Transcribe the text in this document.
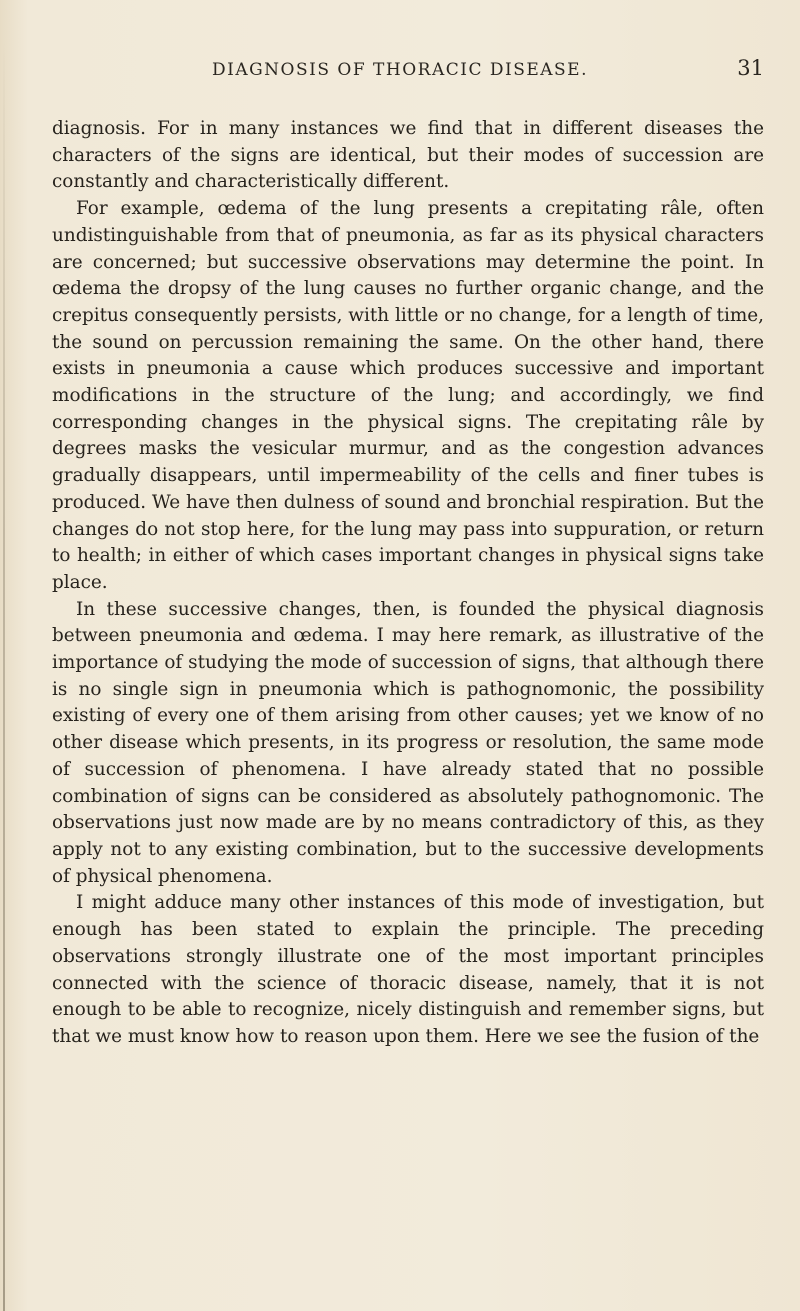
DIAGNOSIS OF THORACIC DISEASE.	31

diagnosis. For in many instances we find that in different diseases the characters of the signs are identical, but their modes of succession are constantly and characteristically different.

For example, œdema of the lung presents a crepitating râle, often undistinguishable from that of pneumonia, as far as its physical characters are concerned; but successive observations may determine the point. In œdema the dropsy of the lung causes no further organic change, and the crepitus consequently persists, with little or no change, for a length of time, the sound on percussion remaining the same. On the other hand, there exists in pneumonia a cause which produces successive and important modifications in the structure of the lung; and accordingly, we find corresponding changes in the physical signs. The crepitating râle by degrees masks the vesicular murmur, and as the congestion advances gradually disappears, until impermeability of the cells and finer tubes is produced. We have then dulness of sound and bronchial respiration. But the changes do not stop here, for the lung may pass into suppuration, or return to health; in either of which cases important changes in physical signs take place.

In these successive changes, then, is founded the physical diagnosis between pneumonia and œdema. I may here remark, as illustrative of the importance of studying the mode of succession of signs, that although there is no single sign in pneumonia which is pathognomonic, the possibility existing of every one of them arising from other causes; yet we know of no other disease which presents, in its progress or resolution, the same mode of succession of phenomena. I have already stated that no possible combination of signs can be considered as absolutely pathognomonic. The observations just now made are by no means contradictory of this, as they apply not to any existing combination, but to the successive developments of physical phenomena.

I might adduce many other instances of this mode of investigation, but enough has been stated to explain the principle. The preceding observations strongly illustrate one of the most important principles connected with the science of thoracic disease, namely, that it is not enough to be able to recognize, nicely distinguish and remember signs, but that we must know how to reason upon them. Here we see the fusion of the
